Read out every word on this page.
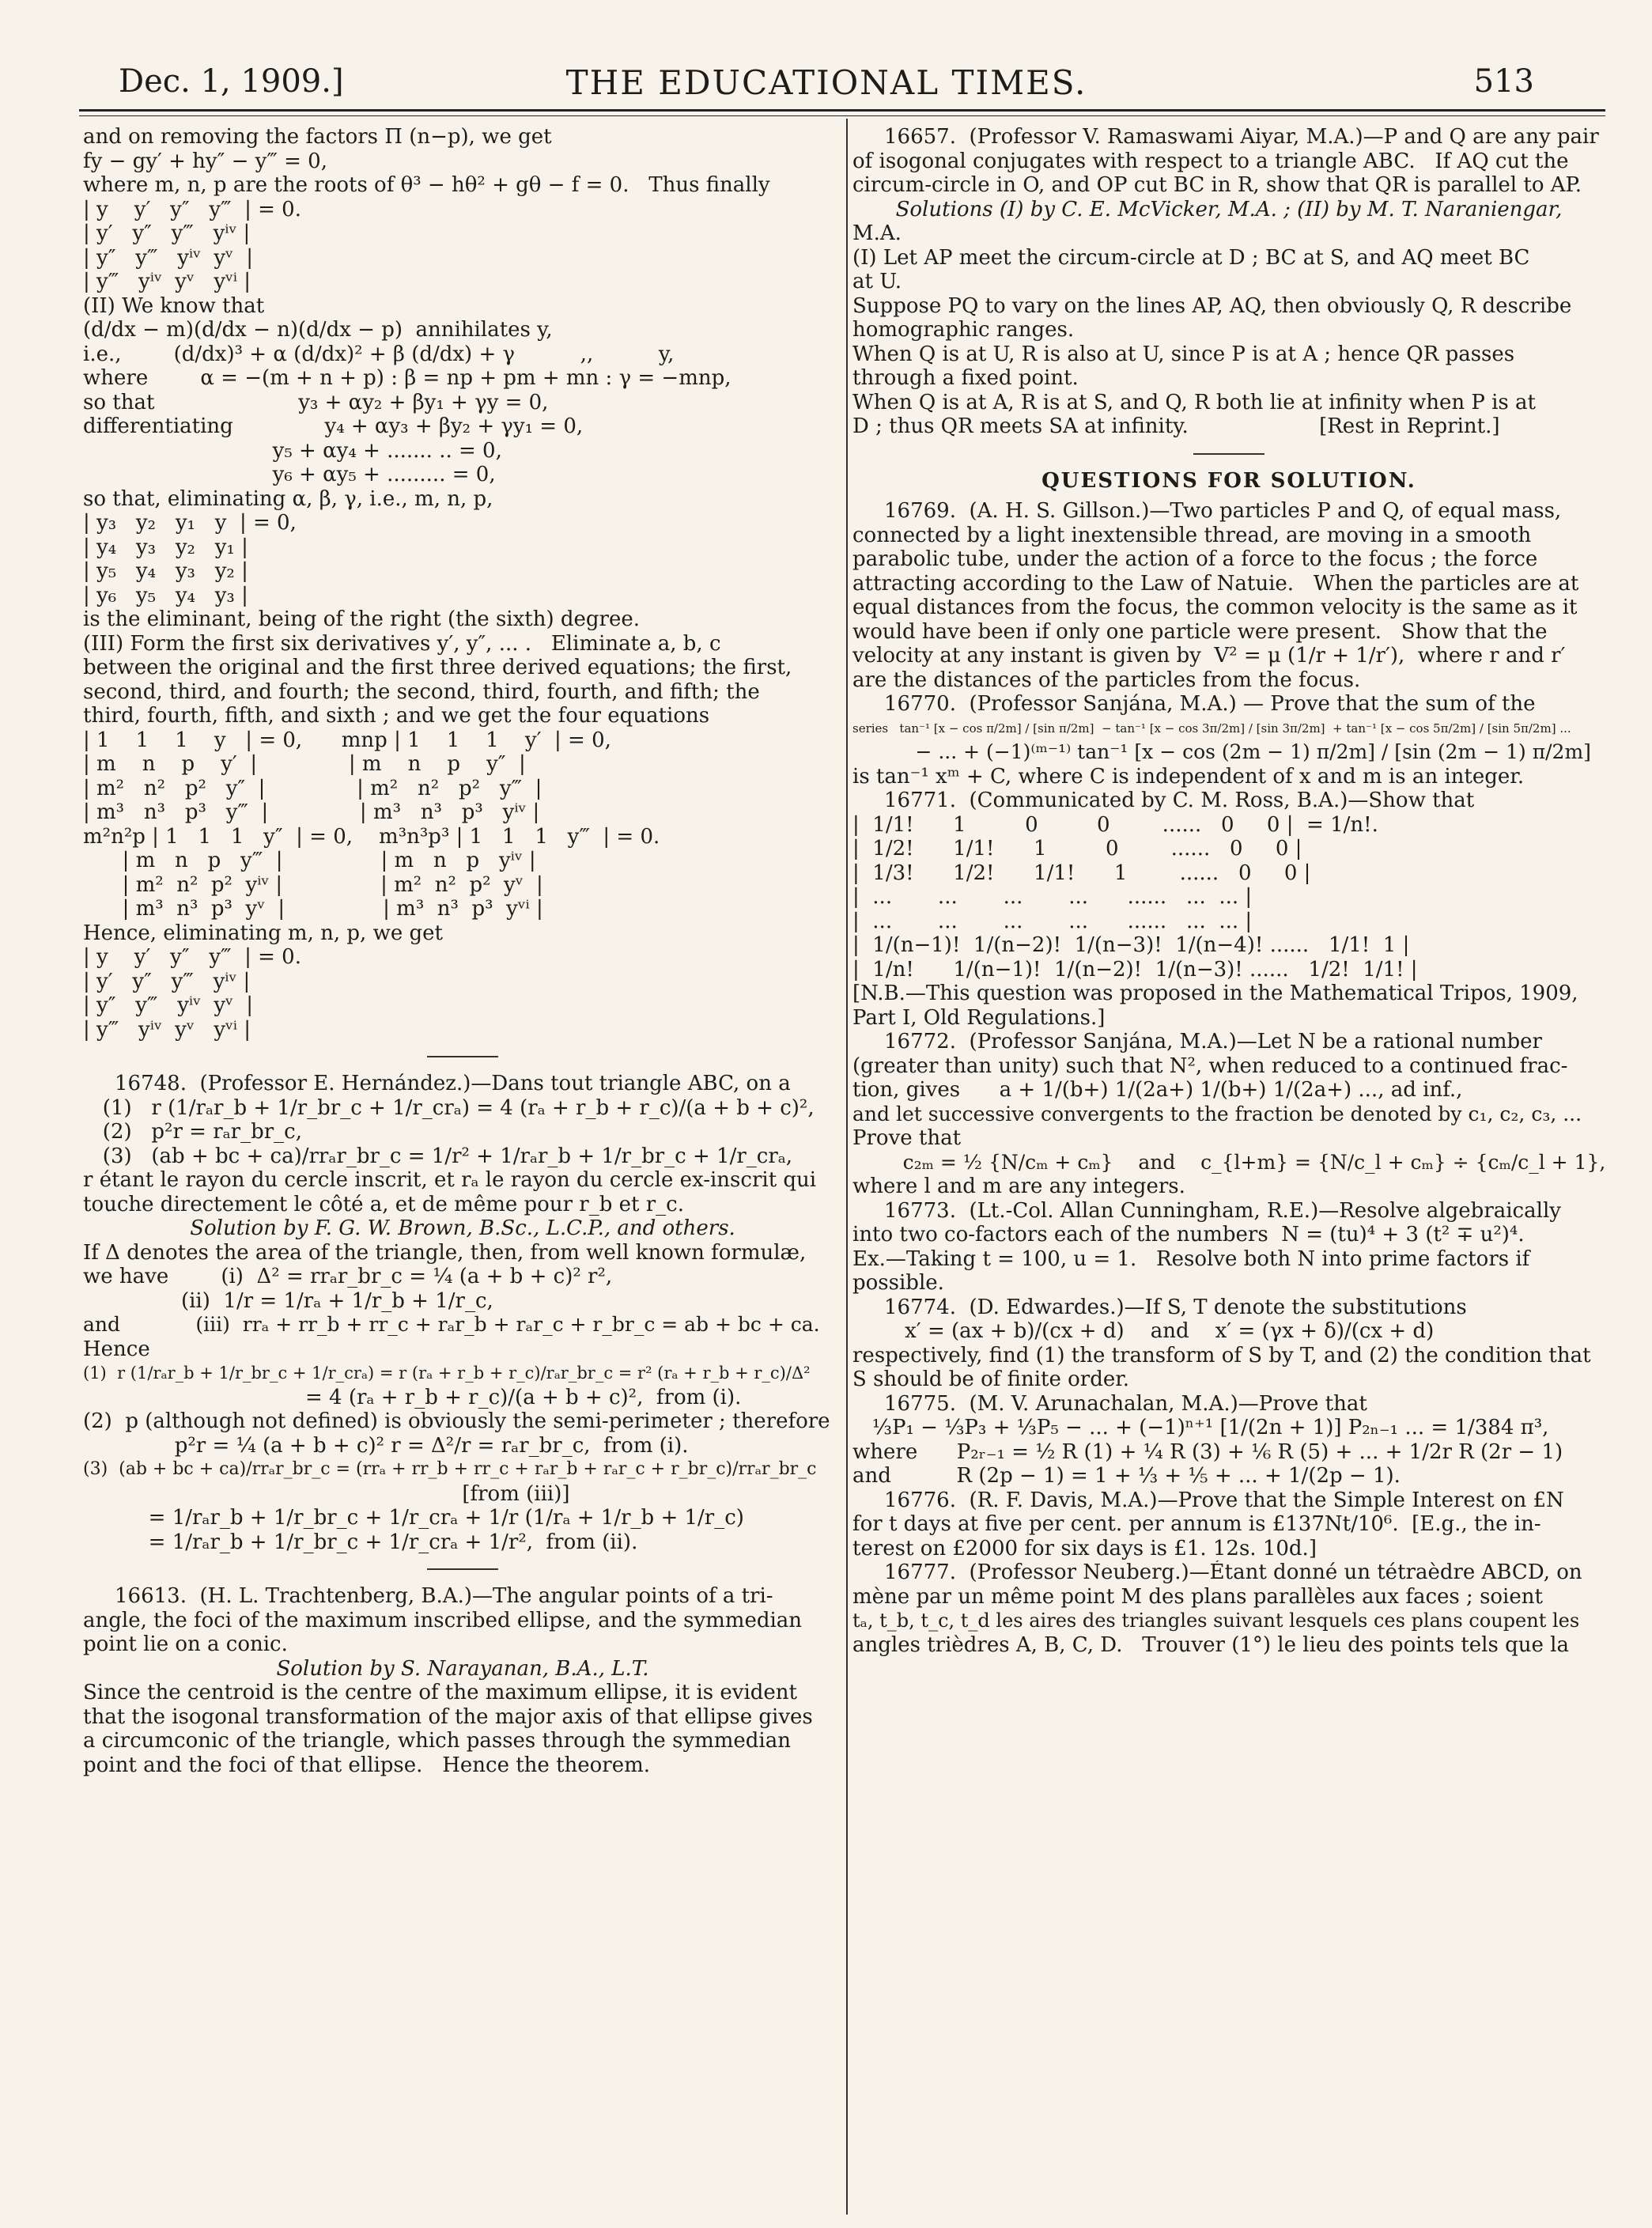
Dec. 1, 1909.]	THE EDUCATIONAL TIMES.	513
and on removing the factors Π (n−p), we get
fy − gy′ + hy″ − y‴ = 0,
where m, n, p are the roots of θ³ − hθ² + gθ − f = 0.   Thus finally
| y    y′   y″   y‴  | = 0.
| y′   y″   y‴   yⁱᵛ |
| y″   y‴   yⁱᵛ  yᵛ  |
| y‴   yⁱᵛ  yᵛ   yᵛⁱ |
(II) We know that
(d/dx − m)(d/dx − n)(d/dx − p)  annihilates y,
i.e.,        (d/dx)³ + α (d/dx)² + β (d/dx) + γ          ,,          y,
where        α = −(m + n + p) : β = np + pm + mn : γ = −mnp,
so that                      y₃ + αy₂ + βy₁ + γy = 0,
differentiating              y₄ + αy₃ + βy₂ + γy₁ = 0,
y₅ + αy₄ + ....... .. = 0,
y₆ + αy₅ + ......... = 0,
so that, eliminating α, β, γ, i.e., m, n, p,
| y₃   y₂   y₁   y  | = 0,
| y₄   y₃   y₂   y₁ |
| y₅   y₄   y₃   y₂ |
| y₆   y₅   y₄   y₃ |
is the eliminant, being of the right (the sixth) degree.
(III) Form the first six derivatives y′, y″, ... .   Eliminate a, b, c
between the original and the first three derived equations; the first,
second, third, and fourth; the second, third, fourth, and fifth; the
third, fourth, fifth, and sixth ; and we get the four equations
| 1    1    1    y   | = 0,      mnp | 1    1    1    y′  | = 0,
| m    n    p    y′  |              | m    n    p    y″  |
| m²   n²   p²   y″  |              | m²   n²   p²   y‴  |
| m³   n³   p³   y‴  |              | m³   n³   p³   yⁱᵛ |
m²n²p | 1   1   1   y″  | = 0,    m³n³p³ | 1   1   1   y‴  | = 0.
| m   n   p   y‴  |               | m   n   p   yⁱᵛ |
| m²  n²  p²  yⁱᵛ |               | m²  n²  p²  yᵛ  |
| m³  n³  p³  yᵛ  |               | m³  n³  p³  yᵛⁱ |
Hence, eliminating m, n, p, we get
| y    y′   y″   y‴  | = 0.
| y′   y″   y‴   yⁱᵛ |
| y″   y‴   yⁱᵛ  yᵛ  |
| y‴   yⁱᵛ  yᵛ   yᵛⁱ |
16748.  (Professor E. Hernández.)—Dans tout triangle ABC, on a
(1)   r (1/rₐr_b + 1/r_br_c + 1/r_crₐ) = 4 (rₐ + r_b + r_c)/(a + b + c)²,
(2)   p²r = rₐr_br_c,
(3)   (ab + bc + ca)/rrₐr_br_c = 1/r² + 1/rₐr_b + 1/r_br_c + 1/r_crₐ,
r étant le rayon du cercle inscrit, et rₐ le rayon du cercle ex-inscrit qui
touche directement le côté a, et de même pour r_b et r_c.
Solution by F. G. W. Brown, B.Sc., L.C.P., and others.
If Δ denotes the area of the triangle, then, from well known formulæ,
we have        (i)  Δ² = rrₐr_br_c = ¼ (a + b + c)² r²,
(ii)  1/r = 1/rₐ + 1/r_b + 1/r_c,
and            (iii)  rrₐ + rr_b + rr_c + rₐr_b + rₐr_c + r_br_c = ab + bc + ca.
Hence
(1)  r (1/rₐr_b + 1/r_br_c + 1/r_crₐ) = r (rₐ + r_b + r_c)/rₐr_br_c = r² (rₐ + r_b + r_c)/Δ²
= 4 (rₐ + r_b + r_c)/(a + b + c)²,  from (i).
(2)  p (although not defined) is obviously the semi-perimeter ; therefore
p²r = ¼ (a + b + c)² r = Δ²/r = rₐr_br_c,  from (i).
(3)  (ab + bc + ca)/rrₐr_br_c = (rrₐ + rr_b + rr_c + rₐr_b + rₐr_c + r_br_c)/rrₐr_br_c
[from (iii)]
= 1/rₐr_b + 1/r_br_c + 1/r_crₐ + 1/r (1/rₐ + 1/r_b + 1/r_c)
= 1/rₐr_b + 1/r_br_c + 1/r_crₐ + 1/r²,  from (ii).
16613.  (H. L. Trachtenberg, B.A.)—The angular points of a tri-
angle, the foci of the maximum inscribed ellipse, and the symmedian
point lie on a conic.
Solution by S. Narayanan, B.A., L.T.
Since the centroid is the centre of the maximum ellipse, it is evident
that the isogonal transformation of the major axis of that ellipse gives
a circumconic of the triangle, which passes through the symmedian
point and the foci of that ellipse.   Hence the theorem.
16657.  (Professor V. Ramaswami Aiyar, M.A.)—P and Q are any pair
of isogonal conjugates with respect to a triangle ABC.   If AQ cut the
circum-circle in O, and OP cut BC in R, show that QR is parallel to AP.
Solutions (I) by C. E. McVicker, M.A. ; (II) by M. T. Naraniengar,
M.A.
(I) Let AP meet the circum-circle at D ; BC at S, and AQ meet BC
at U.
Suppose PQ to vary on the lines AP, AQ, then obviously Q, R describe
homographic ranges.
When Q is at U, R is also at U, since P is at A ; hence QR passes
through a fixed point.
When Q is at A, R is at S, and Q, R both lie at infinity when P is at
D ; thus QR meets SA at infinity.                    [Rest in Reprint.]
QUESTIONS FOR SOLUTION.
16769.  (A. H. S. Gillson.)—Two particles P and Q, of equal mass,
connected by a light inextensible thread, are moving in a smooth
parabolic tube, under the action of a force to the focus ; the force
attracting according to the Law of Natuie.   When the particles are at
equal distances from the focus, the common velocity is the same as it
would have been if only one particle were present.   Show that the
velocity at any instant is given by  V² = μ (1/r + 1/r′),  where r and r′
are the distances of the particles from the focus.
16770.  (Professor Sanjána, M.A.) — Prove that the sum of the
series   tan⁻¹ [x − cos π/2m] / [sin π/2m]  − tan⁻¹ [x − cos 3π/2m] / [sin 3π/2m]  + tan⁻¹ [x − cos 5π/2m] / [sin 5π/2m] ...
− ... + (−1)⁽ᵐ⁻¹⁾ tan⁻¹ [x − cos (2m − 1) π/2m] / [sin (2m − 1) π/2m]
is tan⁻¹ xᵐ + C, where C is independent of x and m is an integer.
16771.  (Communicated by C. M. Ross, B.A.)—Show that
|  1/1!      1         0         0        ......   0     0 |  = 1/n!.
|  1/2!      1/1!      1         0        ......   0     0 |
|  1/3!      1/2!      1/1!      1        ......   0     0 |
|  ...       ...       ...       ...      ......   ...  ... |
|  ...       ...       ...       ...      ......   ...  ... |
|  1/(n−1)!  1/(n−2)!  1/(n−3)!  1/(n−4)! ......   1/1!  1 |
|  1/n!      1/(n−1)!  1/(n−2)!  1/(n−3)! ......   1/2!  1/1! |
[N.B.—This question was proposed in the Mathematical Tripos, 1909,
Part I, Old Regulations.]
16772.  (Professor Sanjána, M.A.)—Let N be a rational number
(greater than unity) such that N², when reduced to a continued frac-
tion, gives      a + 1/(b+) 1/(2a+) 1/(b+) 1/(2a+) ..., ad inf.,
and let successive convergents to the fraction be denoted by c₁, c₂, c₃, ...
Prove that
c₂ₘ = ½ {N/cₘ + cₘ}    and    c_{l+m} = {N/c_l + cₘ} ÷ {cₘ/c_l + 1},
where l and m are any integers.
16773.  (Lt.-Col. Allan Cunningham, R.E.)—Resolve algebraically
into two co-factors each of the numbers  N = (tu)⁴ + 3 (t² ∓ u²)⁴.
Ex.—Taking t = 100, u = 1.   Resolve both N into prime factors if
possible.
16774.  (D. Edwardes.)—If S, T denote the substitutions
x′ = (ax + b)/(cx + d)    and    x′ = (γx + δ)/(cx + d)
respectively, find (1) the transform of S by T, and (2) the condition that
S should be of finite order.
16775.  (M. V. Arunachalan, M.A.)—Prove that
⅓P₁ − ⅓P₃ + ⅓P₅ − ... + (−1)ⁿ⁺¹ [1/(2n + 1)] P₂ₙ₋₁ ... = 1/384 π³,
where      P₂ᵣ₋₁ = ½ R (1) + ¼ R (3) + ⅙ R (5) + ... + 1/2r R (2r − 1)
and          R (2p − 1) = 1 + ⅓ + ⅕ + ... + 1/(2p − 1).
16776.  (R. F. Davis, M.A.)—Prove that the Simple Interest on £N
for t days at five per cent. per annum is £137Nt/10⁶.  [E.g., the in-
terest on £2000 for six days is £1. 12s. 10d.]
16777.  (Professor Neuberg.)—Étant donné un tétraèdre ABCD, on
mène par un même point M des plans parallèles aux faces ; soient
tₐ, t_b, t_c, t_d les aires des triangles suivant lesquels ces plans coupent les
angles trièdres A, B, C, D.   Trouver (1°) le lieu des points tels que la
